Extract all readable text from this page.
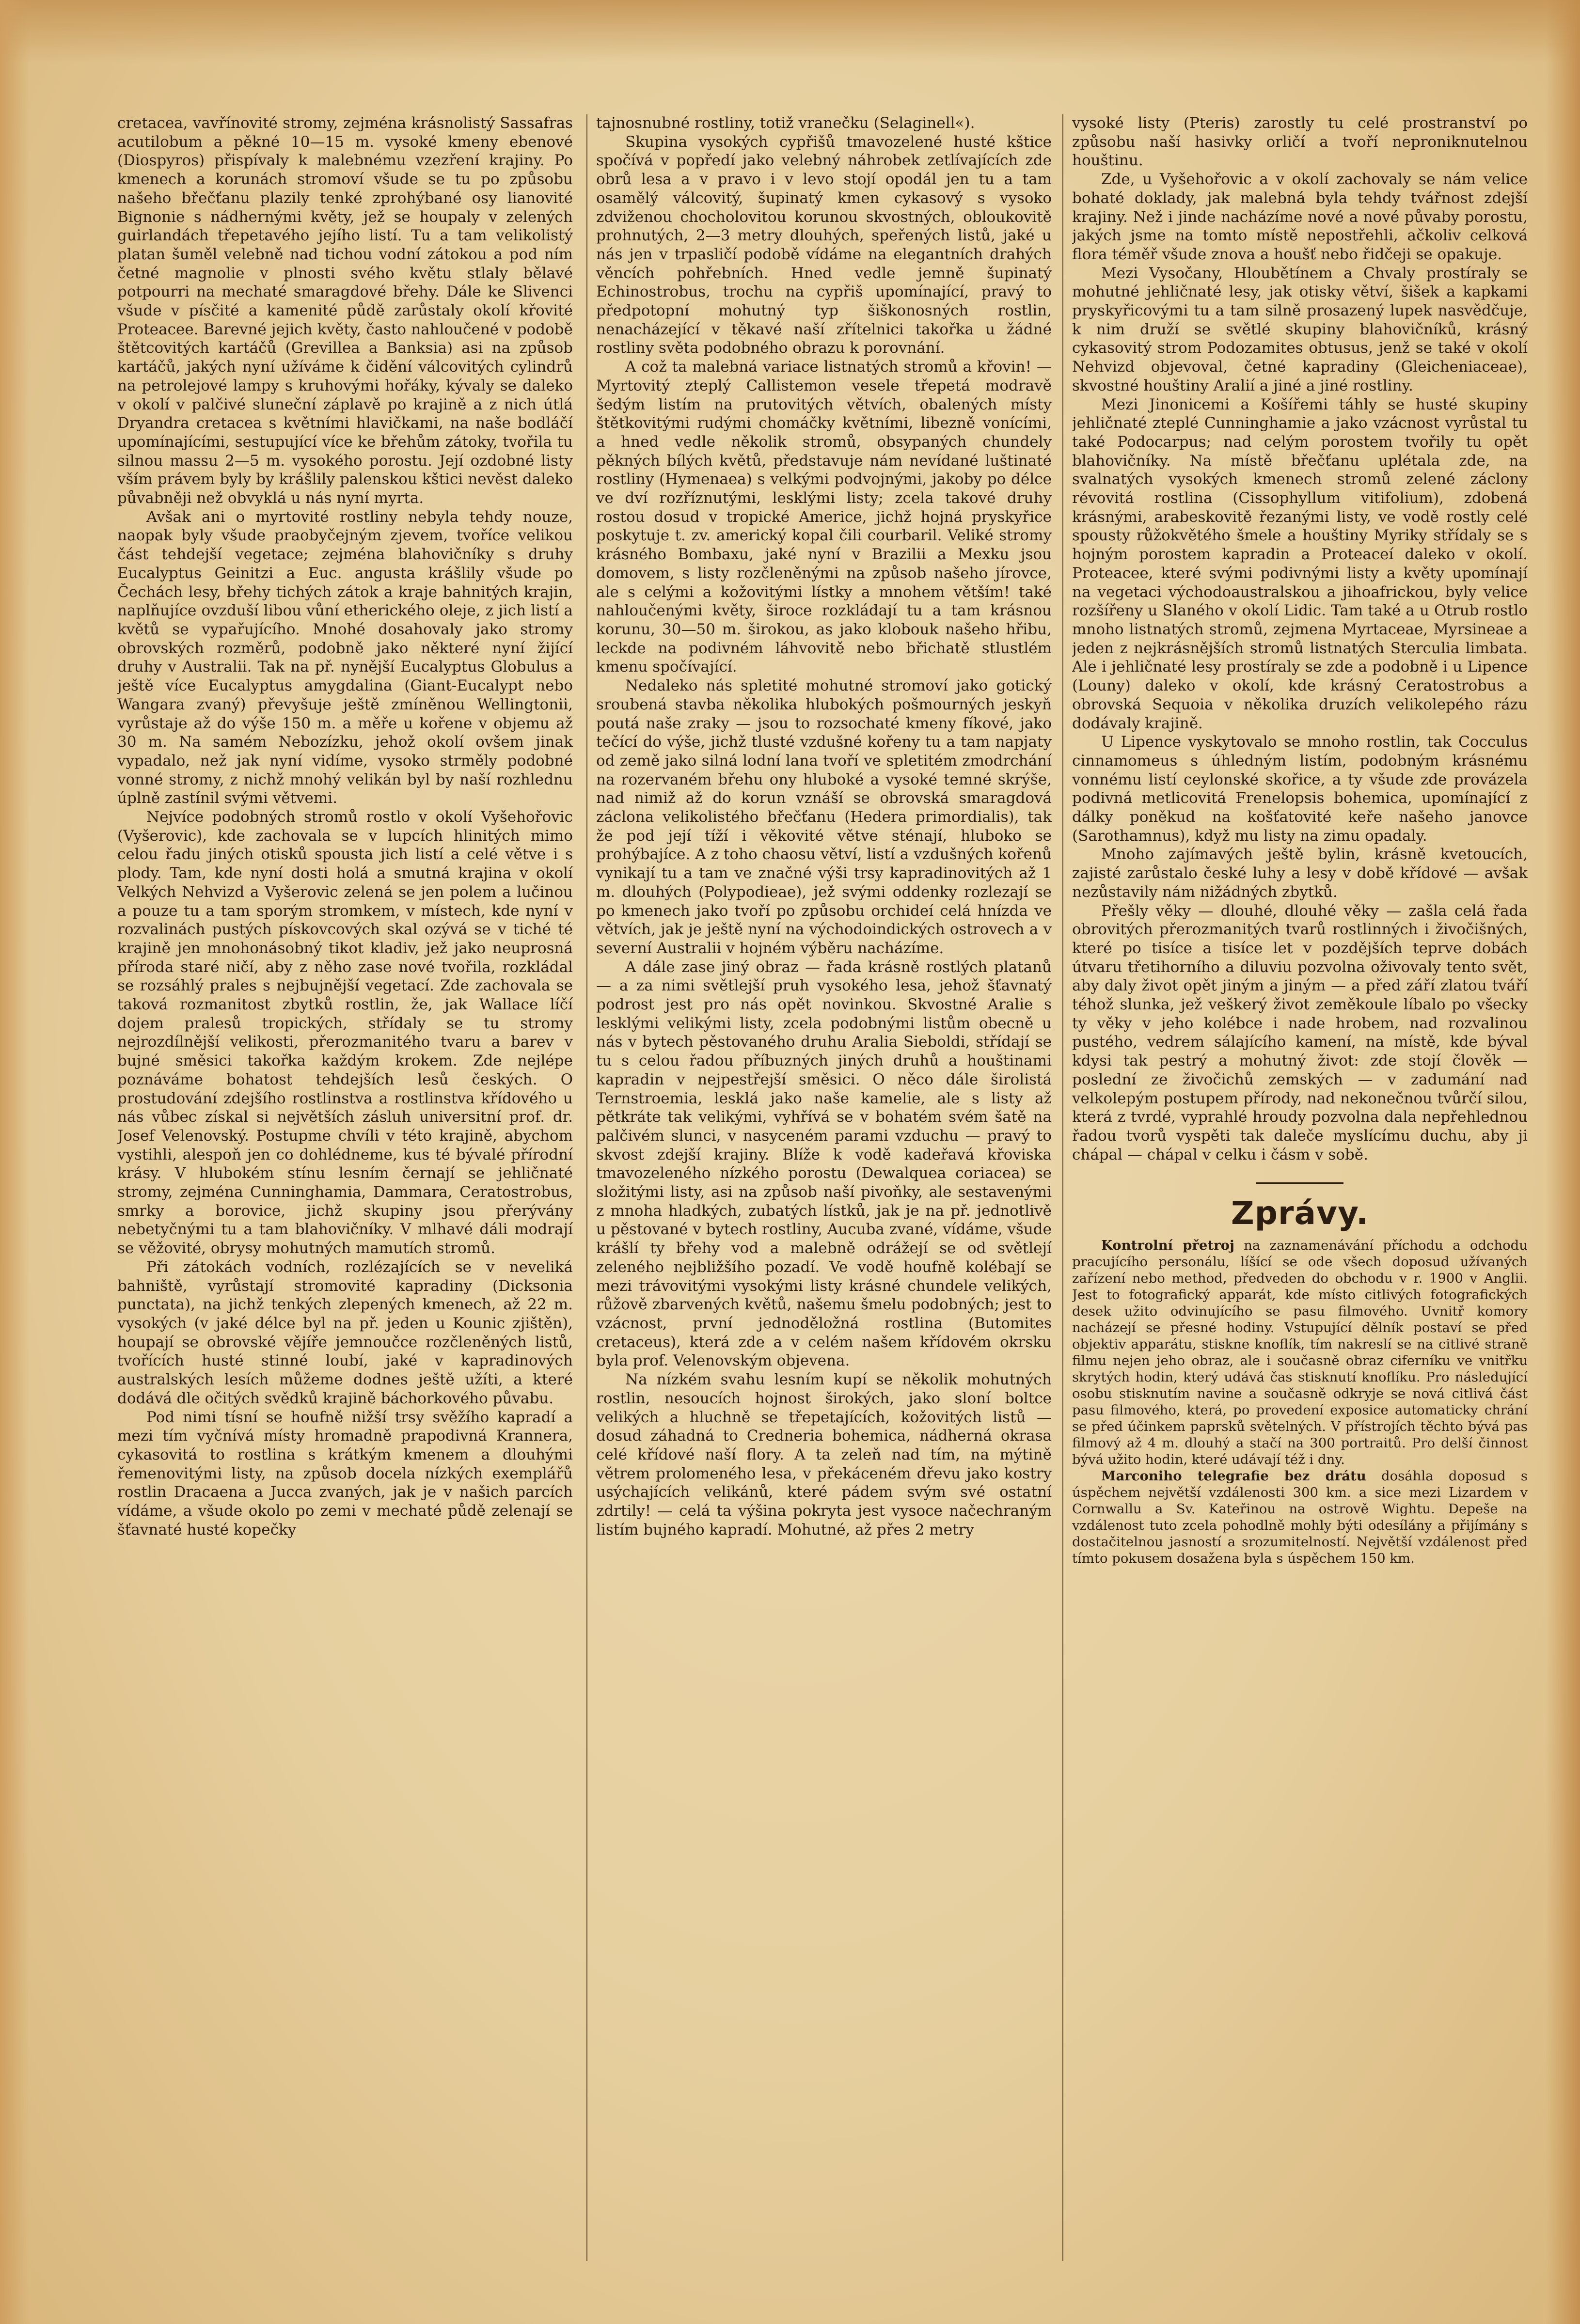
cretacea, vavřínovité stromy, zejména krásnolistý Sassafras acutilobum a pěkné 10—15 m. vysoké kmeny ebenové (Diospyros) přispívaly k malebnému vzezření krajiny. Po kmenech a korunách stromoví všude se tu po způsobu našeho břečťanu plazily tenké zprohýbané osy lianovité Bignonie s nádhernými květy, jež se houpaly v zelených guirlandách třepetavého jejího listí. Tu a tam velikolistý platan šuměl velebně nad tichou vodní zátokou a pod ním četné magnolie v plnosti svého květu stlaly bělavé potpourri na mechaté smaragdové břehy. Dále ke Slivenci všude v písčité a kamenité půdě zarůstaly okolí křovité Proteacee. Barevné jejich květy, často nahloučené v podobě štětcovitých kartáčů (Grevillea a Banksia) asi na způsob kartáčů, jakých nyní užíváme k čidění válcovitých cylindrů na petrolejové lampy s kruhovými hořáky, kývaly se daleko v okolí v palčivé sluneční záplavě po krajině a z nich útlá Dryandra cretacea s květními hlavičkami, na naše bodláčí upomínajícími, sestupující více ke břehům zátoky, tvořila tu silnou massu 2—5 m. vysokého porostu. Její ozdobné listy vším právem byly by krášlily palenskou kštici nevěst daleko půvabněji než obvyklá u nás nyní myrta.

Avšak ani o myrtovité rostliny nebyla tehdy nouze, naopak byly všude praobyčejným zjevem, tvoříce velikou část tehdejší vegetace; zejména blahovičníky s druhy Eucalyptus Geinitzi a Euc. angusta krášlily všude po Čechách lesy, břehy tichých zátok a kraje bahnitých krajin, naplňujíce ovzduší libou vůní etherického oleje, z jich listí a květů se vypařujícího. Mnohé dosahovaly jako stromy obrovských rozměrů, podobně jako některé nyní žijící druhy v Australii. Tak na př. nynější Eucalyptus Globulus a ještě více Eucalyptus amygdalina (Giant-Eucalypt nebo Wangara zvaný) převyšuje ještě zmíněnou Wellingtonii, vyrůstaje až do výše 150 m. a měře u kořene v objemu až 30 m. Na samém Nebozízku, jehož okolí ovšem jinak vypadalo, než jak nyní vidíme, vysoko strměly podobné vonné stromy, z nichž mnohý velikán byl by naší rozhlednu úplně zastínil svými větvemi.

Nejvíce podobných stromů rostlo v okolí Vyšehořovic (Vyšerovic), kde zachovala se v lupcích hlinitých mimo celou řadu jiných otisků spousta jich listí a celé větve i s plody. Tam, kde nyní dosti holá a smutná krajina v okolí Velkých Nehvizd a Vyšerovic zelená se jen polem a lučinou a pouze tu a tam sporým stromkem, v místech, kde nyní v rozvalinách pustých pískovcových skal ozývá se v tiché té krajině jen mnohonásobný tikot kladiv, jež jako neuprosná příroda staré ničí, aby z něho zase nové tvořila, rozkládal se rozsáhlý prales s nejbujnější vegetací. Zde zachovala se taková rozmanitost zbytků rostlin, že, jak Wallace líčí dojem pralesů tropických, střídaly se tu stromy nejrozdílnější velikosti, přerozmanitého tvaru a barev v bujné směsici takořka každým krokem. Zde nejlépe poznáváme bohatost tehdejších lesů českých. O prostudování zdejšího rostlinstva a rostlinstva křídového u nás vůbec získal si největších zásluh universitní prof. dr. Josef Velenovský. Postupme chvíli v této krajině, abychom vystihli, alespoň jen co dohlédneme, kus té bývalé přírodní krásy. V hlubokém stínu lesním černají se jehličnaté stromy, zejména Cunninghamia, Dammara, Ceratostrobus, smrky a borovice, jichž skupiny jsou přerývány nebetyčnými tu a tam blahovičníky. V mlhavé dáli modrají se věžovité, obrysy mohutných mamutích stromů.

Při zátokách vodních, rozlézajících se v neveliká bahniště, vyrůstají stromovité kapradiny (Dicksonia punctata), na jichž tenkých zlepených kmenech, až 22 m. vysokých (v jaké délce byl na př. jeden u Kounic zjištěn), houpají se obrovské vějíře jemnoučce rozčleněných listů, tvořících husté stinné loubí, jaké v kapradinových australských lesích můžeme dodnes ještě užíti, a které dodává dle očitých svědků krajině báchorkového půvabu.

Pod nimi tísní se houfně nižší trsy svěžího kapradí a mezi tím vyčnívá místy hromadně prapodivná Krannera, cykasovitá to rostlina s krátkým kmenem a dlouhými řemenovitými listy, na způsob docela nízkých exemplářů rostlin Dracaena a Jucca zvaných, jak je v našich parcích vídáme, a všude okolo po zemi v mechaté půdě zelenají se šťavnaté husté kopečky

tajnosnubné rostliny, totiž vranečku (Selaginell«).

Skupina vysokých cypřišů tmavozelené husté kštice spočívá v popředí jako velebný náhrobek zetlívajících zde obrů lesa a v pravo i v levo stojí opodál jen tu a tam osamělý válcovitý, šupinatý kmen cykasový s vysoko zdviženou chocholovitou korunou skvostných, obloukovitě prohnutých, 2—3 metry dlouhých, speřených listů, jaké u nás jen v trpasličí podobě vídáme na elegantních drahých věncích pohřebních. Hned vedle jemně šupinatý Echinostrobus, trochu na cypřiš upomínající, pravý to předpotopní mohutný typ šiškonosných rostlin, nenacházející v těkavé naší zřítelnici takořka u žádné rostliny světa podobného obrazu k porovnání.

A což ta malebná variace listnatých stromů a křovin! — Myrtovitý zteplý Callistemon vesele třepetá modravě šedým listím na prutovitých větvích, obalených místy štětkovitými rudými chomáčky květními, libezně vonícími, a hned vedle několik stromů, obsypaných chundely pěkných bílých květů, představuje nám nevídané luštinaté rostliny (Hymenaea) s velkými podvojnými, jakoby po délce ve dví rozříznutými, lesklými listy; zcela takové druhy rostou dosud v tropické Americe, jichž hojná pryskyřice poskytuje t. zv. americký kopal čili courbaril. Veliké stromy krásného Bombaxu, jaké nyní v Brazilii a Mexku jsou domovem, s listy rozčleněnými na způsob našeho jírovce, ale s celými a kožovitými lístky a mnohem větším! také nahloučenými květy, široce rozkládají tu a tam krásnou korunu, 30—50 m. širokou, as jako klobouk našeho hřibu, leckde na podivném láhvovitě nebo břichatě stlustlém kmenu spočívající.

Nedaleko nás spletité mohutné stromoví jako gotický sroubená stavba několika hlubokých pošmourných jeskyň poutá naše zraky — jsou to rozsochaté kmeny fíkové, jako tečící do výše, jichž tlusté vzdušné kořeny tu a tam napjaty od země jako silná lodní lana tvoří ve spletitém zmodrchání na rozervaném břehu ony hluboké a vysoké temné skrýše, nad nimiž až do korun vznáší se obrovská smaragdová záclona velikolistého břečťanu (Hedera primordialis), tak že pod její tíží i věkovité větve sténají, hluboko se prohýbajíce. A z toho chaosu větví, listí a vzdušných kořenů vynikají tu a tam ve značné výši trsy kapradinovitých až 1 m. dlouhých (Polypodieae), jež svými oddenky rozlezají se po kmenech jako tvoří po způsobu orchideí celá hnízda ve větvích, jak je ještě nyní na východoindických ostrovech a v severní Australii v hojném výběru nacházíme.

A dále zase jiný obraz — řada krásně rostlých platanů — a za nimi světlejší pruh vysokého lesa, jehož šťavnatý podrost jest pro nás opět novinkou. Skvostné Aralie s lesklými velikými listy, zcela podobnými listům obecně u nás v bytech pěstovaného druhu Aralia Sieboldi, střídají se tu s celou řadou příbuzných jiných druhů a houštinami kapradin v nejpestřejší směsici. O něco dále širolistá Ternstroemia, lesklá jako naše kamelie, ale s listy až pětkráte tak velikými, vyhřívá se v bohatém svém šatě na palčivém slunci, v nasyceném parami vzduchu — pravý to skvost zdejší krajiny. Blíže k vodě kadeřavá křoviska tmavozeleného nízkého porostu (Dewalquea coriacea) se složitými listy, asi na způsob naší pivoňky, ale sestavenými z mnoha hladkých, zubatých lístků, jak je na př. jednotlivě u pěstované v bytech rostliny, Aucuba zvané, vídáme, všude krášlí ty břehy vod a malebně odrážejí se od světlejí zeleného nejbližšího pozadí. Ve vodě houfně kolébají se mezi trávovitými vysokými listy krásné chundele velikých, růžově zbarvených květů, našemu šmelu podobných; jest to vzácnost, první jednoděložná rostlina (Butomites cretaceus), která zde a v celém našem křídovém okrsku byla prof. Velenovským objevena.

Na nízkém svahu lesním kupí se několik mohutných rostlin, nesoucích hojnost širokých, jako sloní boltce velikých a hluchně se třepetajících, kožovitých listů — dosud záhadná to Credneria bohemica, nádherná okrasa celé křídové naší flory. A ta zeleň nad tím, na mýtině větrem prolomeného lesa, v překáceném dřevu jako kostry usýchajících velikánů, které pádem svým své ostatní zdrtily! — celá ta výšina pokryta jest vysoce načechraným listím bujného kapradí. Mohutné, až přes 2 metry

vysoké listy (Pteris) zarostly tu celé prostranství po způsobu naší hasivky orličí a tvoří neproniknutelnou houštinu.

Zde, u Vyšehořovic a v okolí zachovaly se nám velice bohaté doklady, jak malebná byla tehdy tvářnost zdejší krajiny. Než i jinde nacházíme nové a nové půvaby porostu, jakých jsme na tomto místě nepostřehli, ačkoliv celková flora téměř všude znova a houšť nebo řidčeji se opakuje.

Mezi Vysočany, Hloubětínem a Chvaly prostíraly se mohutné jehličnaté lesy, jak otisky větví, šišek a kapkami pryskyřicovými tu a tam silně prosazený lupek nasvědčuje, k nim druží se světlé skupiny blahovičníků, krásný cykasovitý strom Podozamites obtusus, jenž se také v okolí Nehvizd objevoval, četné kapradiny (Gleicheniaceae), skvostné houštiny Aralií a jiné a jiné rostliny.

Mezi Jinonicemi a Košířemi táhly se husté skupiny jehličnaté zteplé Cunninghamie a jako vzácnost vyrůstal tu také Podocarpus; nad celým porostem tvořily tu opět blahovičníky. Na místě břečťanu uplétala zde, na svalnatých vysokých kmenech stromů zelené záclony révovitá rostlina (Cissophyllum vitifolium), zdobená krásnými, arabeskovitě řezanými listy, ve vodě rostly celé spousty růžokvětého šmele a houštiny Myriky střídaly se s hojným porostem kapradin a Proteaceí daleko v okolí. Proteacee, které svými podivnými listy a květy upomínají na vegetaci východoaustralskou a jihoafrickou, byly velice rozšířeny u Slaného v okolí Lidic. Tam také a u Otrub rostlo mnoho listnatých stromů, zejmena Myrtaceae, Myrsineae a jeden z nejkrásnějších stromů listnatých Sterculia limbata. Ale i jehličnaté lesy prostíraly se zde a podobně i u Lipence (Louny) daleko v okolí, kde krásný Ceratostrobus a obrovská Sequoia v několika druzích velikolepého rázu dodávaly krajině.

U Lipence vyskytovalo se mnoho rostlin, tak Cocculus cinnamomeus s úhledným listím, podobným krásnému vonnému listí ceylonské skořice, a ty všude zde provázela podivná metlicovitá Frenelopsis bohemica, upomínající z dálky poněkud na košťatovité keře našeho janovce (Sarothamnus), když mu listy na zimu opadaly.

Mnoho zajímavých ještě bylin, krásně kvetoucích, zajisté zarůstalo české luhy a lesy v době křídové — avšak nezůstavily nám nižádných zbytků.

Přešly věky — dlouhé, dlouhé věky — zašla celá řada obrovitých přerozmanitých tvarů rostlinných i živočišných, které po tisíce a tisíce let v pozdějších teprve dobách útvaru třetihorního a diluviu pozvolna oživovaly tento svět, aby daly život opět jiným a jiným — a před září zlatou tváří téhož slunka, jež veškerý život zeměkoule líbalo po všecky ty věky v jeho kolébce i nade hrobem, nad rozvalinou pustého, vedrem sálajícího kamení, na místě, kde býval kdysi tak pestrý a mohutný život: zde stojí člověk — poslední ze živočichů zemských — v zadumání nad velkolepým postupem přírody, nad nekonečnou tvůrčí silou, která z tvrdé, vyprahlé hroudy pozvolna dala nepřehlednou řadou tvorů vyspěti tak daleče myslícímu duchu, aby ji chápal — chápal v celku i čásm v sobě.

Zprávy.

Kontrolní přetroj na zaznamenávání příchodu a odchodu pracujícího personálu, líšící se ode všech doposud užívaných zařízení nebo method, předveden do obchodu v r. 1900 v Anglii. Jest to fotografický apparát, kde místo citlivých fotografických desek užito odvinujícího se pasu filmového. Uvnitř komory nacházejí se přesné hodiny. Vstupující dělník postaví se před objektiv apparátu, stiskne knoflík, tím nakreslí se na citlivé straně filmu nejen jeho obraz, ale i současně obraz ciferníku ve vnitřku skrytých hodin, který udává čas stisknutí knoflíku. Pro následující osobu stisknutím navine a současně odkryje se nová citlivá část pasu filmového, která, po provedení exposice automaticky chrání se před účinkem paprsků světelných. V přístrojích těchto bývá pas filmový až 4 m. dlouhý a stačí na 300 portraitů. Pro delší činnost bývá užito hodin, které udávají též i dny.

Marconiho telegrafie bez drátu dosáhla doposud s úspěchem největší vzdálenosti 300 km. a sice mezi Lizardem v Cornwallu a Sv. Kateřinou na ostrově Wightu. Depeše na vzdálenost tuto zcela pohodlně mohly býti odesílány a přijímány s dostačitelnou jasností a srozumitelností. Největší vzdálenost před tímto pokusem dosažena byla s úspěchem 150 km.
